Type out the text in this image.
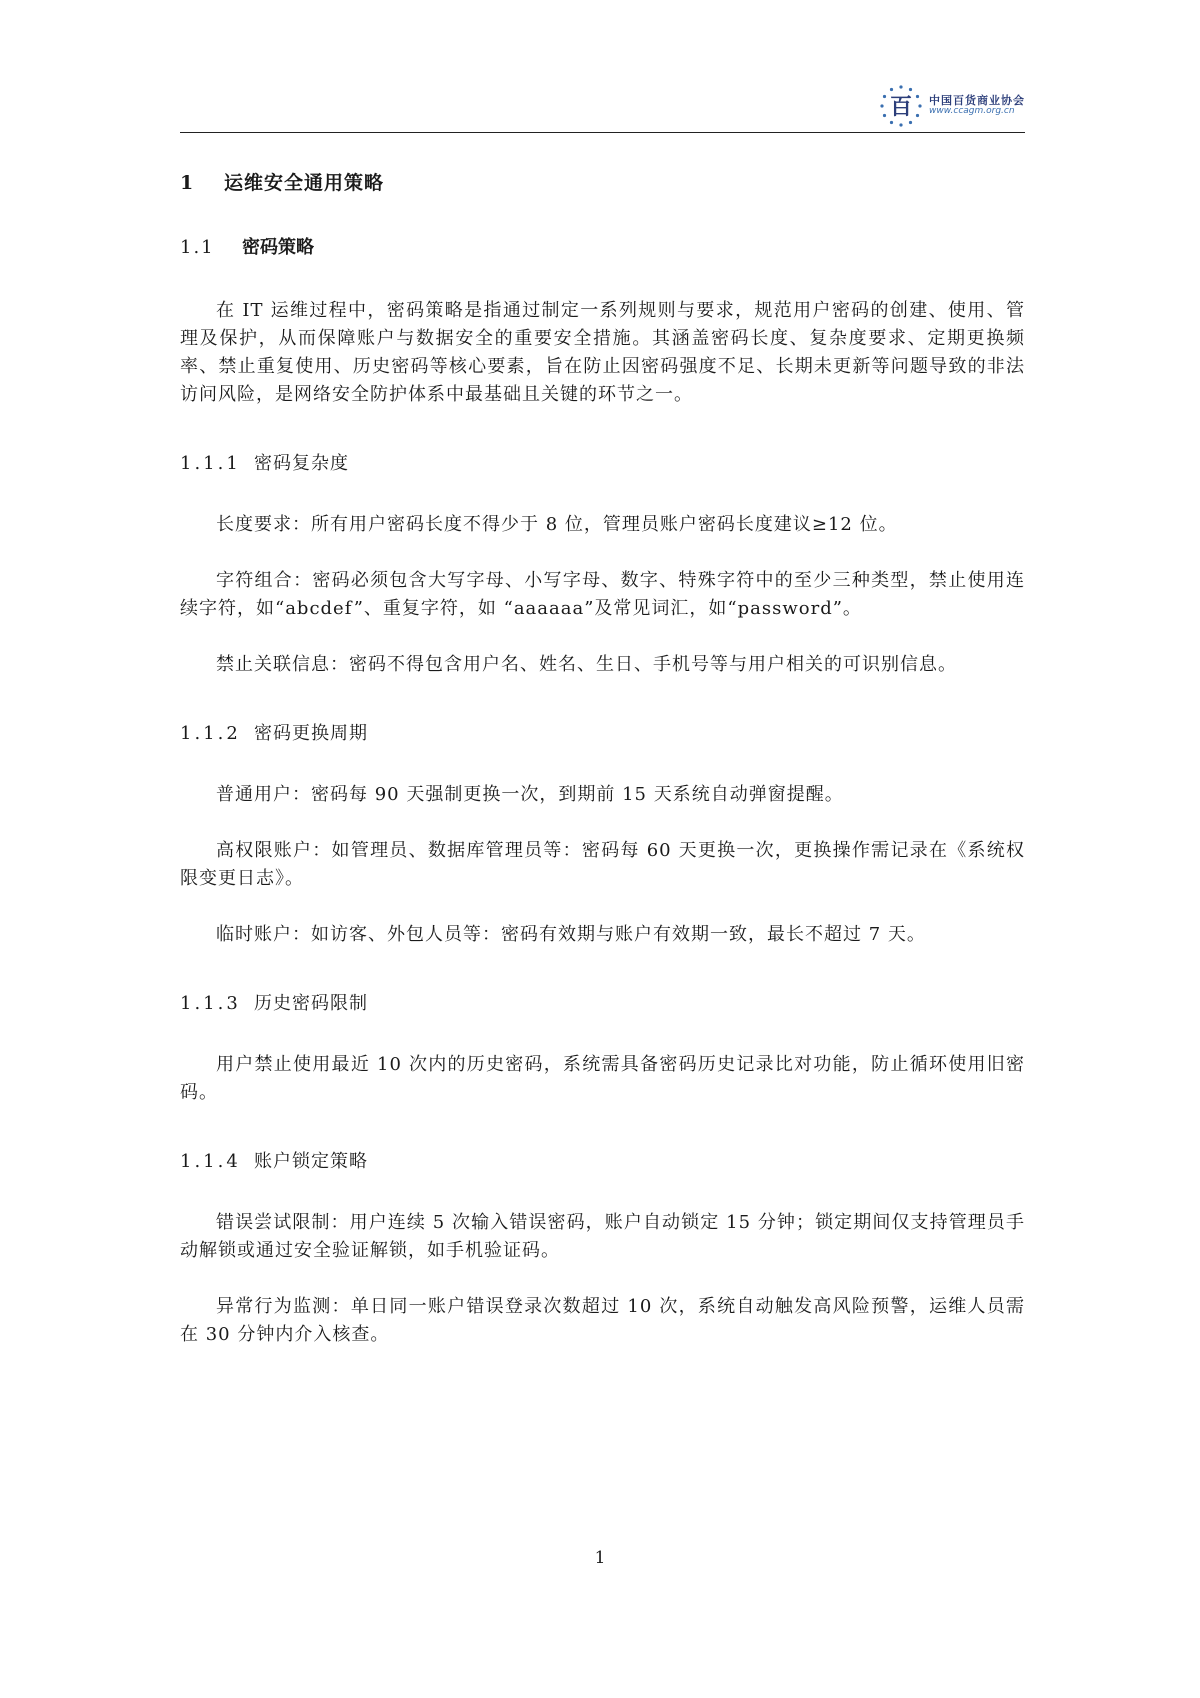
百 中国百货商业协会
www.ccagm.org.cn
1 运维安全通用策略
1.1 密码策略

在 IT 运维过程中，密码策略是指通过制定一系列规则与要求，规范用户密码的创建、使用、管理及保护，从而保障账户与数据安全的重要安全措施。其涵盖密码长度、复杂度要求、定期更换频率、禁止重复使用、历史密码等核心要素，旨在防止因密码强度不足、长期未更新等问题导致的非法访问风险，是网络安全防护体系中最基础且关键的环节之一。

1.1.1 密码复杂度

长度要求：所有用户密码长度不得少于 8 位，管理员账户密码长度建议≥12 位。

字符组合：密码必须包含大写字母、小写字母、数字、特殊字符中的至少三种类型，禁止使用连续字符，如“abcdef”、重复字符，如 “aaaaaa”及常见词汇，如“password”。

禁止关联信息：密码不得包含用户名、姓名、生日、手机号等与用户相关的可识别信息。

1.1.2 密码更换周期

普通用户：密码每 90 天强制更换一次，到期前 15 天系统自动弹窗提醒。

高权限账户：如管理员、数据库管理员等：密码每 60 天更换一次，更换操作需记录在《系统权限变更日志》。

临时账户：如访客、外包人员等：密码有效期与账户有效期一致，最长不超过 7 天。

1.1.3 历史密码限制

用户禁止使用最近 10 次内的历史密码，系统需具备密码历史记录比对功能，防止循环使用旧密码。

1.1.4 账户锁定策略

错误尝试限制：用户连续 5 次输入错误密码，账户自动锁定 15 分钟；锁定期间仅支持管理员手动解锁或通过安全验证解锁，如手机验证码。

异常行为监测：单日同一账户错误登录次数超过 10 次，系统自动触发高风险预警，运维人员需在 30 分钟内介入核查。

1
